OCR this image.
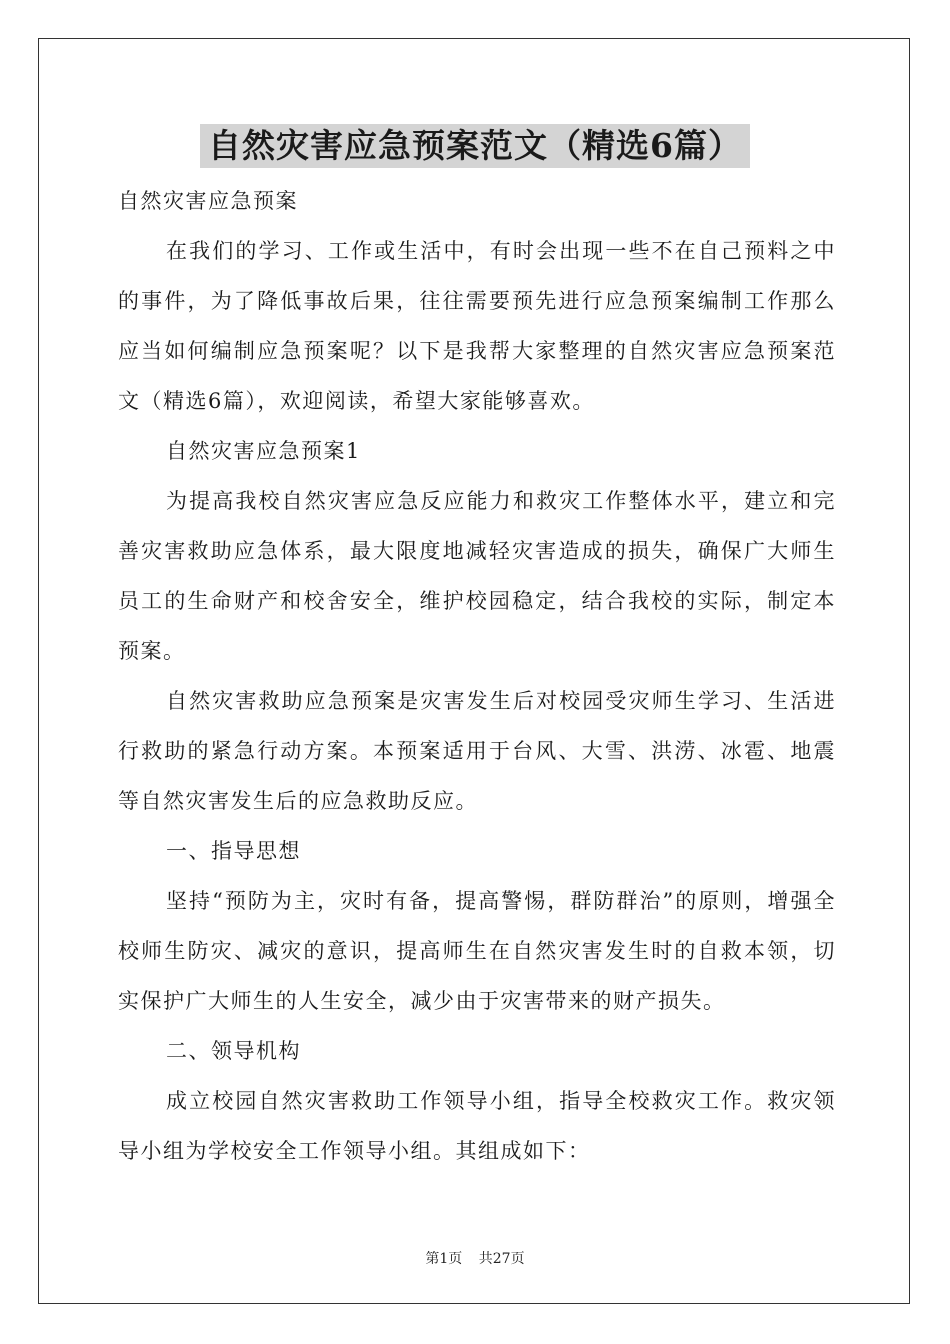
自然灾害应急预案范文（精选6篇）

自然灾害应急预案

在我们的学习、工作或生活中，有时会出现一些不在自己预料之中的事件，为了降低事故后果，往往需要预先进行应急预案编制工作那么应当如何编制应急预案呢？以下是我帮大家整理的自然灾害应急预案范文（精选6篇），欢迎阅读，希望大家能够喜欢。

自然灾害应急预案1

为提高我校自然灾害应急反应能力和救灾工作整体水平，建立和完善灾害救助应急体系，最大限度地减轻灾害造成的损失，确保广大师生员工的生命财产和校舍安全，维护校园稳定，结合我校的实际，制定本预案。

自然灾害救助应急预案是灾害发生后对校园受灾师生学习、生活进行救助的紧急行动方案。本预案适用于台风、大雪、洪涝、冰雹、地震等自然灾害发生后的应急救助反应。

一、指导思想

坚持“预防为主，灾时有备，提高警惕，群防群治”的原则，增强全校师生防灾、减灾的意识，提高师生在自然灾害发生时的自救本领，切实保护广大师生的人生安全，减少由于灾害带来的财产损失。

二、领导机构

成立校园自然灾害救助工作领导小组，指导全校救灾工作。救灾领导小组为学校安全工作领导小组。其组成如下：

第1页 共27页
